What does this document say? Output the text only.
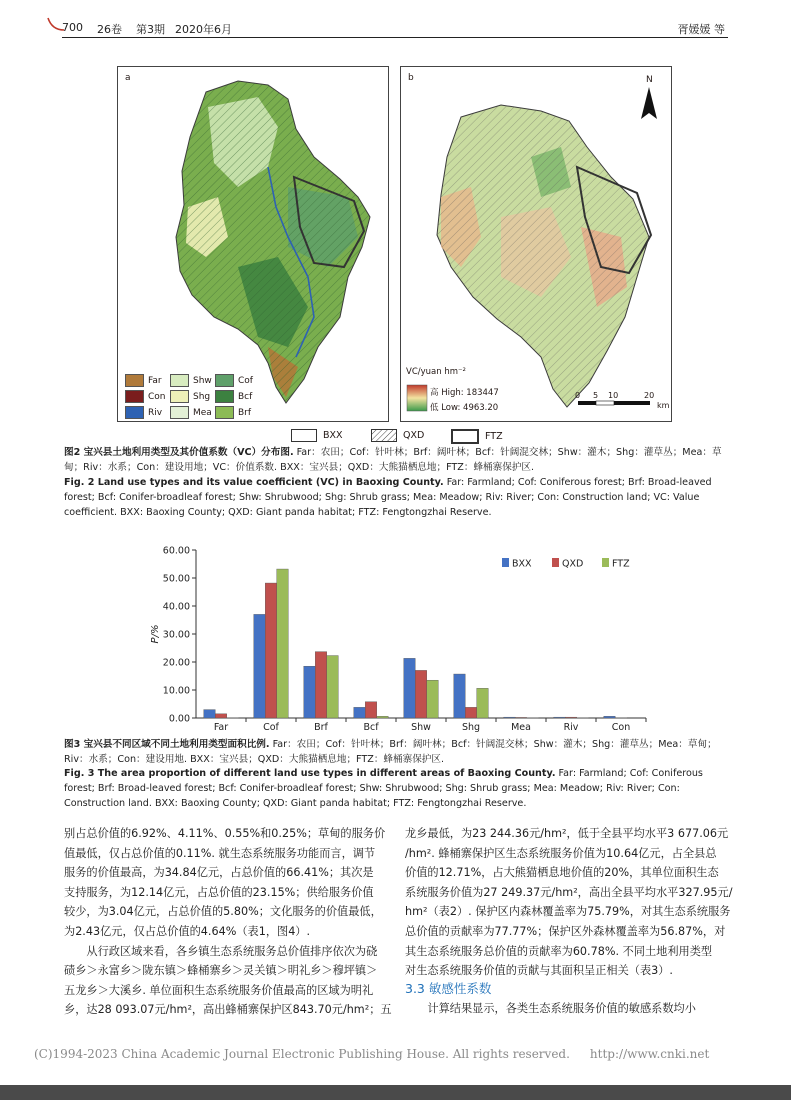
700 26卷 第3期 2020年6月	胥媛媛 等
a
Far
Con
Riv
Shw
Shg
Mea
Cof
Bcf
Brf
b	N
VC/yuan hm⁻²
高 High: 183447
低 Low: 4963.20
0 5 10	20
km
BXX	QXD	FTZ
图2 宝兴县土地利用类型及其价值系数（VC）分布图. Far：农田；Cof：针叶林；Brf：阔叶林；Bcf：针阔混交林；Shw：灌木；Shg：灌草丛；Mea：草甸；Riv：水系；Con：建设用地；VC：价值系数. BXX：宝兴县；QXD：大熊猫栖息地；FTZ：蜂桶寨保护区.
Fig. 2 Land use types and its value coefficient (VC) in Baoxing County. Far: Farmland; Cof: Coniferous forest; Brf: Broad-leaved forest; Bcf: Conifer-broadleaf forest; Shw: Shrubwood; Shg: Shrub grass; Mea: Meadow; Riv: River; Con: Construction land; VC: Value coefficient. BXX: Baoxing County; QXD: Giant panda habitat; FTZ: Fengtongzhai Reserve.
0.00
10.00
20.00
30.00
40.00
50.00
60.00
P/%
Far	Cof	Brf	Bcf	Shw	Shg	Mea	Riv	Con
BXX	QXD	FTZ
图3 宝兴县不同区域不同土地利用类型面积比例. Far：农田；Cof：针叶林；Brf：阔叶林；Bcf：针阔混交林；Shw：灌木；Shg：灌草丛；Mea：草甸；Riv：水系；Con：建设用地. BXX：宝兴县；QXD：大熊猫栖息地；FTZ：蜂桶寨保护区.
Fig. 3 The area proportion of different land use types in different areas of Baoxing County. Far: Farmland; Cof: Coniferous forest; Brf: Broad-leaved forest; Bcf: Conifer-broadleaf forest; Shw: Shrubwood; Shg: Shrub grass; Mea: Meadow; Riv: River; Con: Construction land. BXX: Baoxing County; QXD: Giant panda habitat; FTZ: Fengtongzhai Reserve.
别占总价值的6.92%、4.11%、0.55%和0.25%；草甸的服务价
值最低，仅占总价值的0.11%. 就生态系统服务功能而言，调节
服务的价值最高，为34.84亿元，占总价值的66.41%；其次是
支持服务，为12.14亿元，占总价值的23.15%；供给服务价值
较少，为3.04亿元，占总价值的5.80%；文化服务的价值最低，
为2.43亿元，仅占总价值的4.64%（表1，图4）.
　　从行政区域来看，各乡镇生态系统服务总价值排序依次为硗
碛乡＞永富乡＞陇东镇＞蜂桶寨乡＞灵关镇＞明礼乡＞穆坪镇＞
五龙乡＞大溪乡. 单位面积生态系统服务价值最高的区域为明礼
乡，达28 093.07元/hm²，高出蜂桶寨保护区843.70元/hm²；五
龙乡最低，为23 244.36元/hm²，低于全县平均水平3 677.06元
/hm². 蜂桶寨保护区生态系统服务价值为10.64亿元，占全县总
价值的12.71%，占大熊猫栖息地价值的20%，其单位面积生态
系统服务价值为27 249.37元/hm²，高出全县平均水平327.95元/
hm²（表2）. 保护区内森林覆盖率为75.79%，对其生态系统服务
总价值的贡献率为77.77%；保护区外森林覆盖率为56.87%，对
其生态系统服务总价值的贡献率为60.78%. 不同土地利用类型
对生态系统服务价值的贡献与其面积呈正相关（表3）.
3.3 敏感性系数
　　计算结果显示，各类生态系统服务价值的敏感系数均小
(C)1994-2023 China Academic Journal Electronic Publishing House. All rights reserved. http://www.cnki.net
